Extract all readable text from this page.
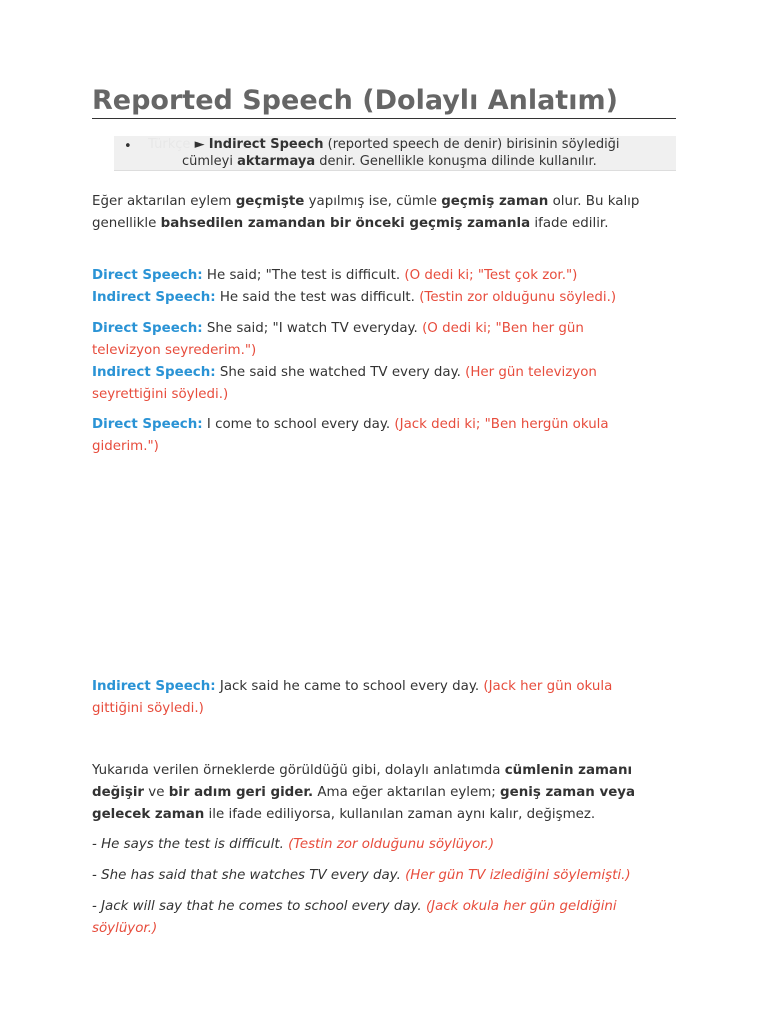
Reported Speech (Dolaylı Anlatım)
• Türkçe ► Indirect Speech (reported speech de denir) birisinin söylediği
cümleyi aktarmaya denir. Genellikle konuşma dilinde kullanılır.

Eğer aktarılan eylem geçmişte yapılmış ise, cümle geçmiş zaman olur. Bu kalıp

genellikle bahsedilen zamandan bir önceki geçmiş zamanla ifade edilir.

Direct Speech: He said; "The test is difficult. (O dedi ki; "Test çok zor.")

Indirect Speech: He said the test was difficult. (Testin zor olduğunu söyledi.)

Direct Speech: She said; "I watch TV everyday. (O dedi ki; "Ben her gün

televizyon seyrederim.")

Indirect Speech: She said she watched TV every day. (Her gün televizyon

seyrettiğini söyledi.)

Direct Speech: I come to school every day. (Jack dedi ki; "Ben hergün okula

giderim.")

Indirect Speech: Jack said he came to school every day. (Jack her gün okula

gittiğini söyledi.)

Yukarıda verilen örneklerde görüldüğü gibi, dolaylı anlatımda cümlenin zamanı

değişir ve bir adım geri gider. Ama eğer aktarılan eylem; geniş zaman veya

gelecek zaman ile ifade ediliyorsa, kullanılan zaman aynı kalır, değişmez.

- He says the test is difficult. (Testin zor olduğunu söylüyor.)

- She has said that she watches TV every day. (Her gün TV izlediğini söylemişti.)

- Jack will say that he comes to school every day. (Jack okula her gün geldiğini

söylüyor.)
